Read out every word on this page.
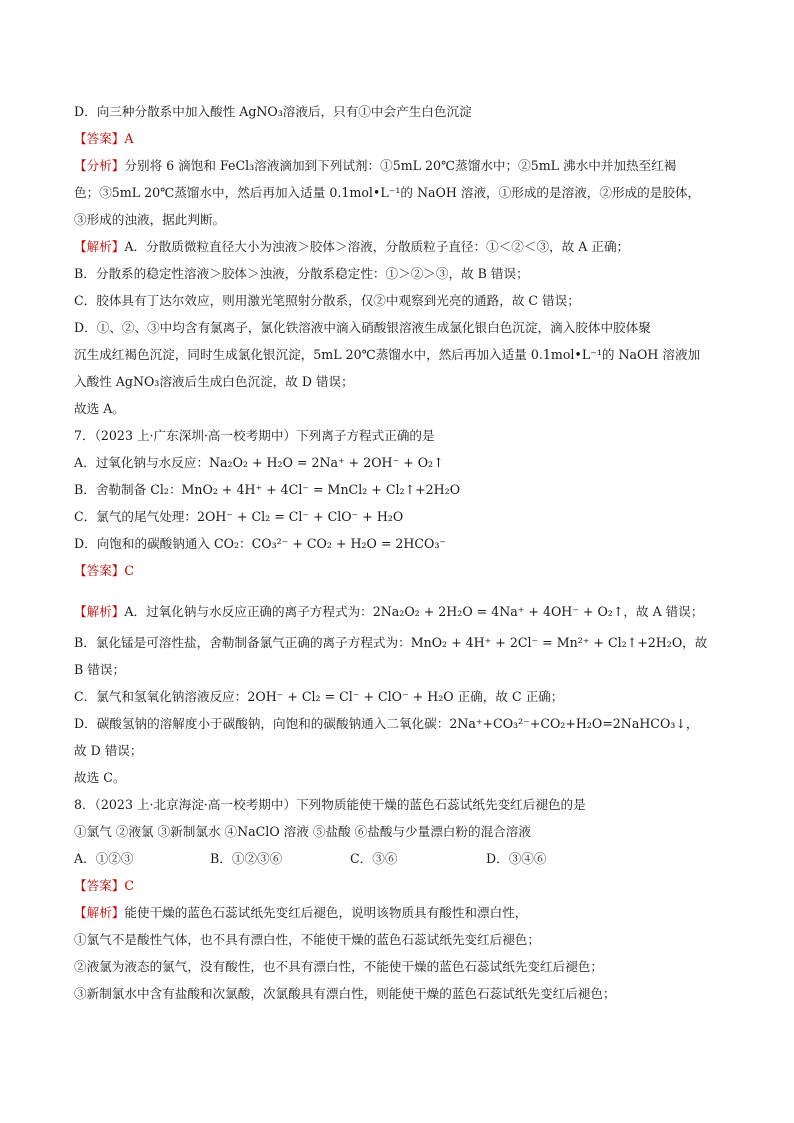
D．向三种分散系中加入酸性 AgNO₃溶液后，只有①中会产生白色沉淀
【答案】A
【分析】分别将 6 滴饱和 FeCl₃溶液滴加到下列试剂：①5mL 20℃蒸馏水中；②5mL 沸水中并加热至红褐
色；③5mL 20℃蒸馏水中，然后再加入适量 0.1mol•L⁻¹的 NaOH 溶液，①形成的是溶液，②形成的是胶体，
③形成的浊液，据此判断。
【解析】A．分散质微粒直径大小为浊液＞胶体＞溶液，分散质粒子直径：①＜②＜③，故 A 正确；
B．分散系的稳定性溶液＞胶体＞浊液，分散系稳定性：①＞②＞③，故 B 错误；
C．胶体具有丁达尔效应，则用激光笔照射分散系，仅②中观察到光亮的通路，故 C 错误；
D．①、②、③中均含有氯离子，氯化铁溶液中滴入硝酸银溶液生成氯化银白色沉淀，滴入胶体中胶体聚
沉生成红褐色沉淀，同时生成氯化银沉淀，5mL 20℃蒸馏水中，然后再加入适量 0.1mol•L⁻¹的 NaOH 溶液加
入酸性 AgNO₃溶液后生成白色沉淀，故 D 错误；
故选 A。
7．（2023 上·广东深圳·高一校考期中）下列离子方程式正确的是
A．过氧化钠与水反应：Na₂O₂ + H₂O = 2Na⁺ + 2OH⁻ + O₂↑
B．舍勒制备 Cl₂：MnO₂ + 4H⁺ + 4Cl⁻ = MnCl₂ + Cl₂↑+2H₂O
C．氯气的尾气处理：2OH⁻ + Cl₂ = Cl⁻ + ClO⁻ + H₂O
D．向饱和的碳酸钠通入 CO₂：CO₃²⁻ + CO₂ + H₂O = 2HCO₃⁻
【答案】C
【解析】A．过氧化钠与水反应正确的离子方程式为：2Na₂O₂ + 2H₂O = 4Na⁺ + 4OH⁻ + O₂↑，故 A 错误；
B．氯化锰是可溶性盐，舍勒制备氯气正确的离子方程式为：MnO₂ + 4H⁺ + 2Cl⁻ = Mn²⁺ + Cl₂↑+2H₂O，故
B 错误；
C．氯气和氢氧化钠溶液反应：2OH⁻ + Cl₂ = Cl⁻ + ClO⁻ + H₂O 正确，故 C 正确；
D．碳酸氢钠的溶解度小于碳酸钠，向饱和的碳酸钠通入二氧化碳：2Na⁺+CO₃²⁻+CO₂+H₂O=2NaHCO₃↓，
故 D 错误；
故选 C。
8．（2023 上·北京海淀·高一校考期中）下列物质能使干燥的蓝色石蕊试纸先变红后褪色的是
①氯气 ②液氯 ③新制氯水 ④NaClO 溶液 ⑤盐酸 ⑥盐酸与少量漂白粉的混合溶液
A．①②③	B．①②③⑥	C．③⑥	D．③④⑥
【答案】C
【解析】能使干燥的蓝色石蕊试纸先变红后褪色，说明该物质具有酸性和漂白性，
①氯气不是酸性气体，也不具有漂白性，不能使干燥的蓝色石蕊试纸先变红后褪色；
②液氯为液态的氯气，没有酸性，也不具有漂白性，不能使干燥的蓝色石蕊试纸先变红后褪色；
③新制氯水中含有盐酸和次氯酸，次氯酸具有漂白性，则能使干燥的蓝色石蕊试纸先变红后褪色；
